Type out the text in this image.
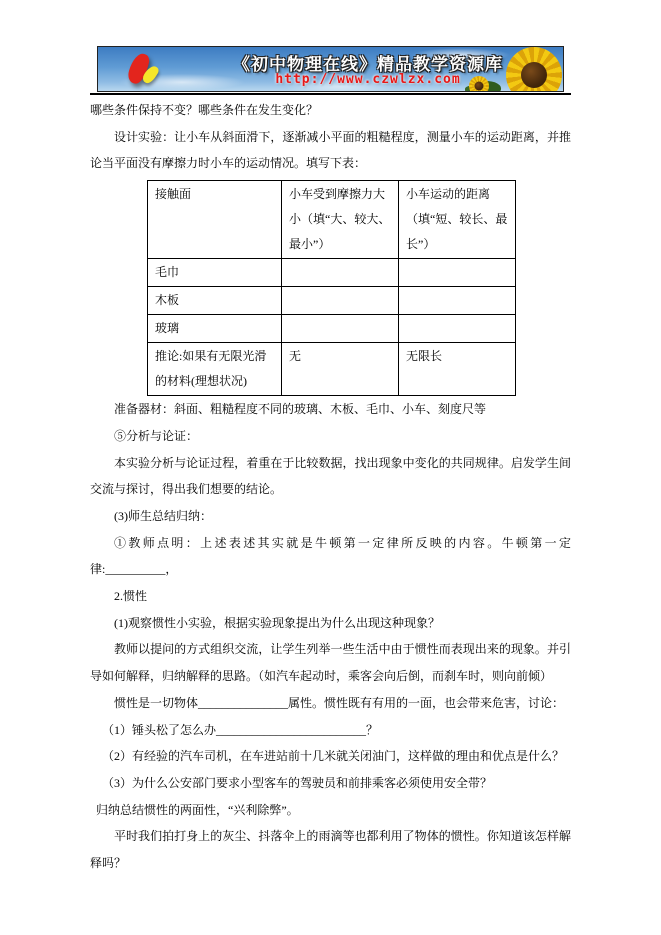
《初中物理在线》精品教学资源库
http://www.czwlzx.com

哪些条件保持不变？哪些条件在发生变化？

设计实验：让小车从斜面滑下，逐渐减小平面的粗糙程度，测量小车的运动距离，并推论当平面没有摩擦力时小车的运动情况。填写下表：

接触面	小车受到摩擦力大小（填“大、较大、最小”）	小车运动的距离（填“短、较长、最长”）
毛巾		
木板		
玻璃		
推论:如果有无限光滑的材料(理想状况)	无	无限长

准备器材：斜面、粗糙程度不同的玻璃、木板、毛巾、小车、刻度尺等

⑤分析与论证：

本实验分析与论证过程，着重在于比较数据，找出现象中变化的共同规律。启发学生间交流与探讨，得出我们想要的结论。

(3)师生总结归纳：

①教师点明：上述表述其实就是牛顿第一定律所反映的内容。牛顿第一定律:__________，

2.惯性

(1)观察惯性小实验，根据实验现象提出为什么出现这种现象？

教师以提问的方式组织交流，让学生列举一些生活中由于惯性而表现出来的现象。并引导如何解释，归纳解释的思路。（如汽车起动时，乘客会向后倒，而刹车时，则向前倾）

惯性是一切物体_______________属性。惯性既有有用的一面，也会带来危害，讨论：

（1）锤头松了怎么办_________________________？

（2）有经验的汽车司机，在车进站前十几米就关闭油门，这样做的理由和优点是什么？

（3）为什么公安部门要求小型客车的驾驶员和前排乘客必须使用安全带？

归纳总结惯性的两面性，“兴利除弊”。

平时我们拍打身上的灰尘、抖落伞上的雨滴等也都利用了物体的惯性。你知道该怎样解释吗？
